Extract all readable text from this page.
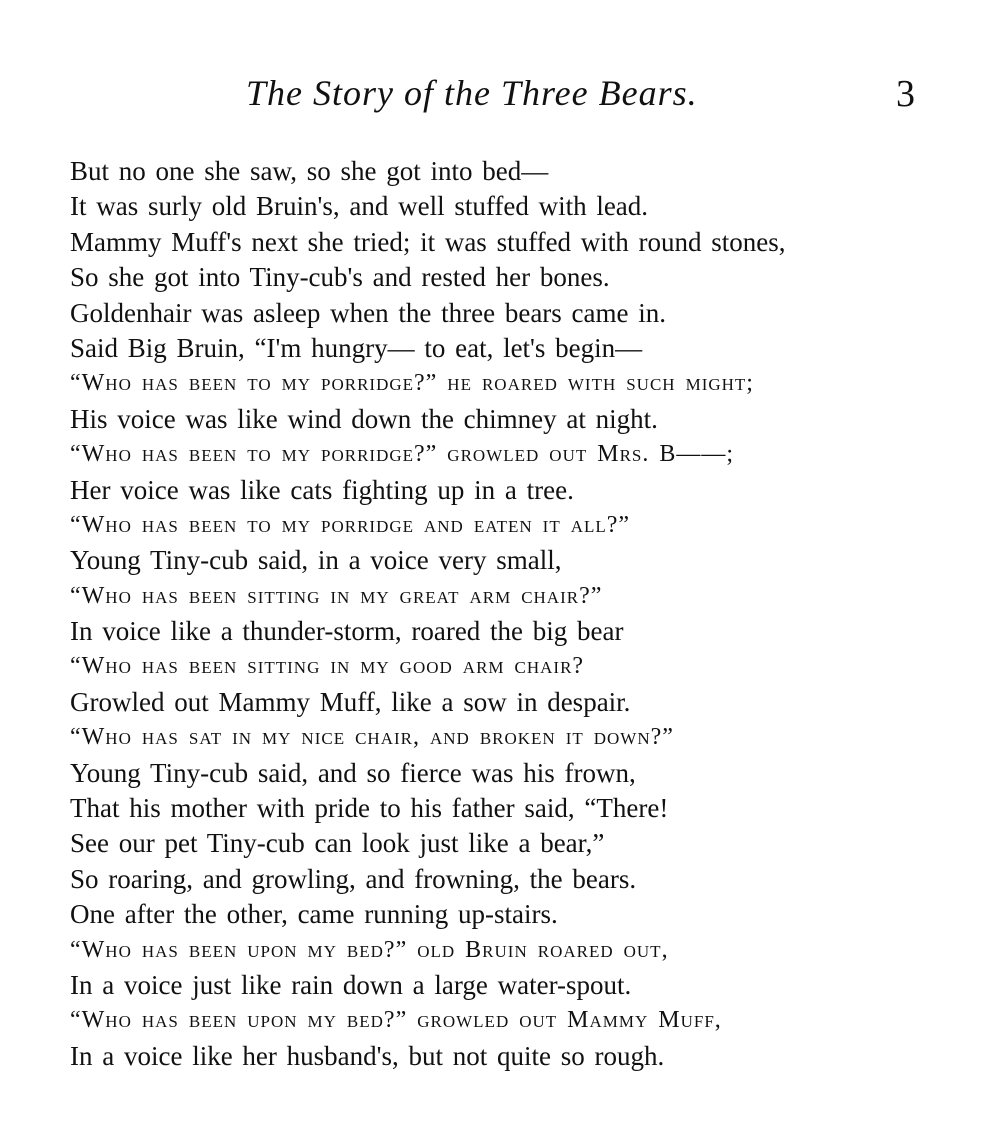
The Story of the Three Bears.	3
But no one she saw, so she got into bed—
It was surly old Bruin's, and well stuffed with lead.
Mammy Muff's next she tried; it was stuffed with round stones,
So she got into Tiny-cub's and rested her bones.
Goldenhair was asleep when the three bears came in.
Said Big Bruin, “I'm hungry— to eat, let's begin—
“Who has been to my porridge?” he roared with such might;
His voice was like wind down the chimney at night.
“Who has been to my porridge?” growled out Mrs. B——;
Her voice was like cats fighting up in a tree.
“Who has been to my porridge and eaten it all?”
Young Tiny-cub said, in a voice very small,
“Who has been sitting in my great arm chair?”
In voice like a thunder-storm, roared the big bear
“Who has been sitting in my good arm chair?
Growled out Mammy Muff, like a sow in despair.
“Who has sat in my nice chair, and broken it down?”
Young Tiny-cub said, and so fierce was his frown,
That his mother with pride to his father said, “There!
See our pet Tiny-cub can look just like a bear,”
So roaring, and growling, and frowning, the bears.
One after the other, came running up-stairs.
“Who has been upon my bed?” old Bruin roared out,
In a voice just like rain down a large water-spout.
“Who has been upon my bed?” growled out Mammy Muff,
In a voice like her husband's, but not quite so rough.
